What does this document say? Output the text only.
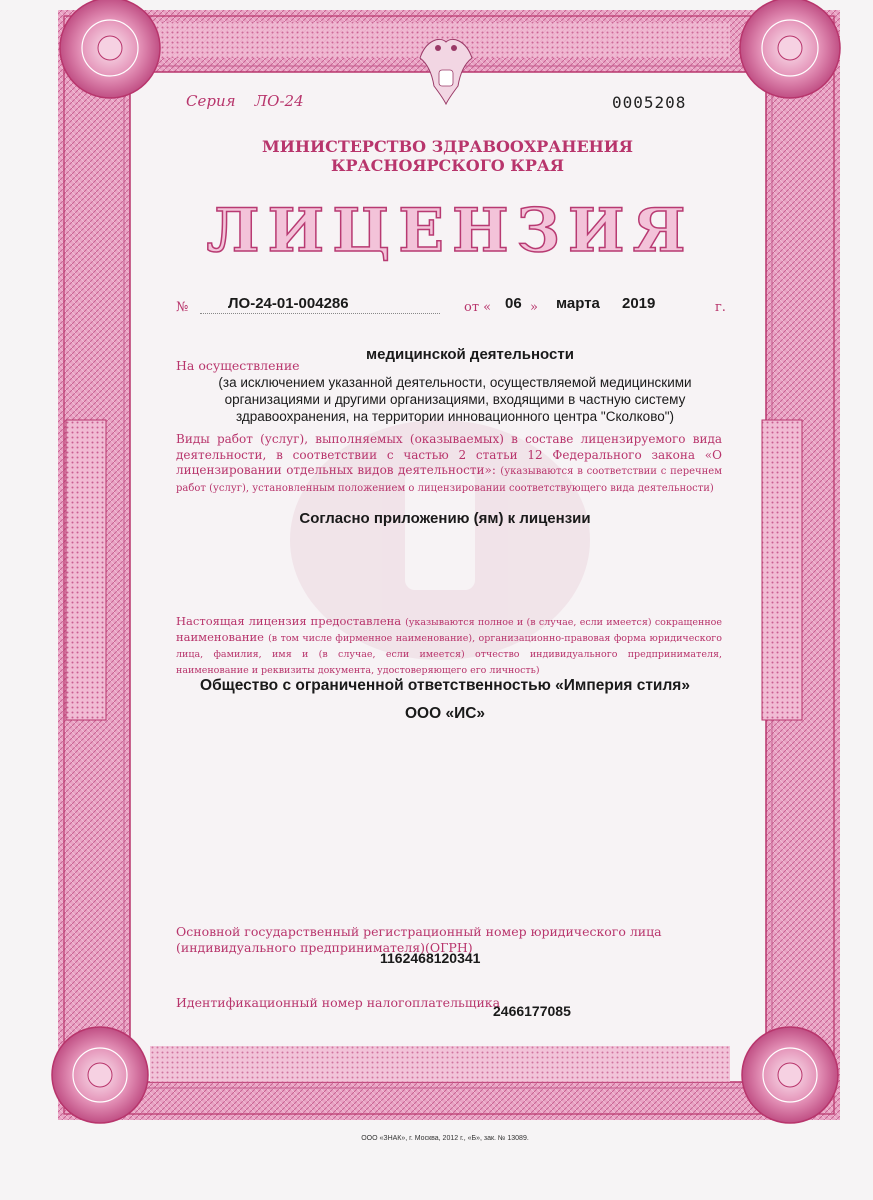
Серия ЛО-24	0005208
МИНИСТЕРСТВО ЗДРАВООХРАНЕНИЯ
КРАСНОЯРСКОГО КРАЯ
ЛИЦЕНЗИЯ
№	ЛО-24-01-004286	от « 06 » марта 2019	г.
На осуществление
медицинской деятельности
(за исключением указанной деятельности, осуществляемой медицинскими организациями и другими организациями, входящими в частную систему здравоохранения, на территории инновационного центра "Сколково")
Виды работ (услуг), выполняемых (оказываемых) в составе лицензируемого вида деятельности, в соответствии с частью 2 статьи 12 Федерального закона «О лицензировании отдельных видов деятельности»: (указываются в соответствии с перечнем работ (услуг), установленным положением о лицензировании соответствующего вида деятельности)
Согласно приложению (ям) к лицензии
Настоящая лицензия предоставлена (указываются полное и (в случае, если имеется) сокращенное наименование (в том числе фирменное наименование), организационно-правовая форма юридического лица, фамилия, имя и (в случае, если имеется) отчество индивидуального предпринимателя, наименование и реквизиты документа, удостоверяющего его личность)
Общество с ограниченной ответственностью «Империя стиля»
ООО «ИС»
Основной государственный регистрационный номер юридического лица (индивидуального предпринимателя)(ОГРН)
1162468120341
Идентификационный номер налогоплательщика
2466177085
ООО «ЗНАК», г. Москва, 2012 г., «Б», зак. № 13089.
